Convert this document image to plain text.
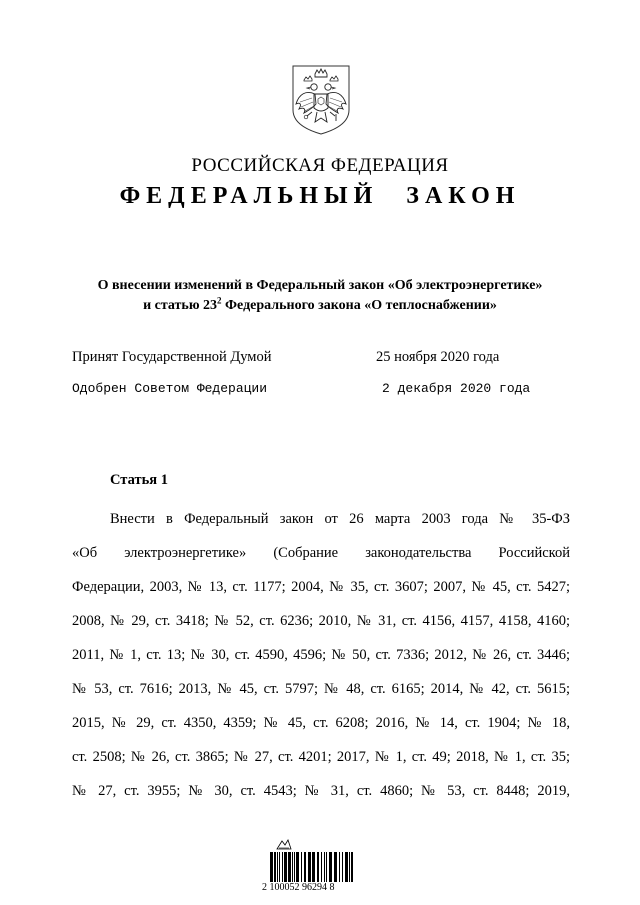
РОССИЙСКАЯ ФЕДЕРАЦИЯ
ФЕДЕРАЛЬНЫЙ ЗАКОН
О внесении изменений в Федеральный закон «Об электроэнергетике»
и статью $23^2$ Федерального закона «О теплоснабжении»
Принят Государственной Думой	25 ноября 2020 года
Одобрен Советом Федерации	2 декабря 2020 года
Статья 1
Внести в Федеральный закон от 26 марта 2003 года № 35-ФЗ
«Об электроэнергетике» (Собрание законодательства Российской
Федерации, 2003, № 13, ст. 1177; 2004, № 35, ст. 3607; 2007, № 45, ст. 5427;
2008, № 29, ст. 3418; № 52, ст. 6236; 2010, № 31, ст. 4156, 4157, 4158, 4160;
2011, № 1, ст. 13; № 30, ст. 4590, 4596; № 50, ст. 7336; 2012, № 26, ст. 3446;
№ 53, ст. 7616; 2013, № 45, ст. 5797; № 48, ст. 6165; 2014, № 42, ст. 5615;
2015, № 29, ст. 4350, 4359; № 45, ст. 6208; 2016, № 14, ст. 1904; № 18,
ст. 2508; № 26, ст. 3865; № 27, ст. 4201; 2017, № 1, ст. 49; 2018, № 1, ст. 35;
№ 27, ст. 3955; № 30, ст. 4543; № 31, ст. 4860; № 53, ст. 8448; 2019,
2 100052 96294 8
